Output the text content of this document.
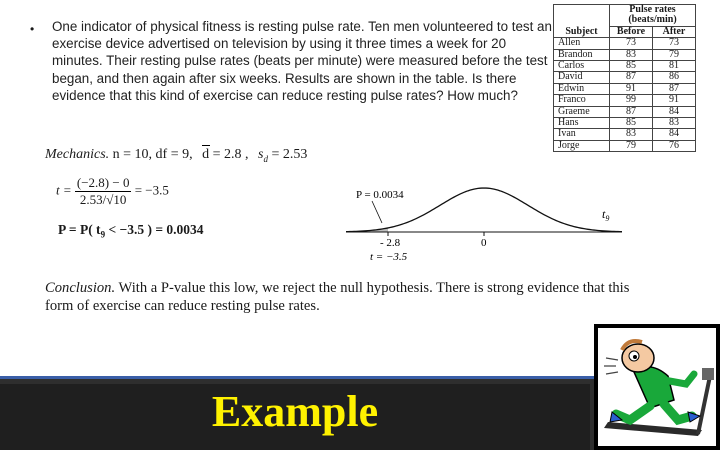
• One indicator of physical fitness is resting pulse rate. Ten men volunteered to test an exercise device advertised on television by using it three times a week for 20 minutes. Their resting pulse rates (beats per minute) were measured before the test began, and then again after six weeks. Results are shown in the table. Is there evidence that this kind of exercise can reduce resting pulse rates? How much?
Subject	Pulse rates (beats/min)	
	Before	After
Allen	73	73
Brandon	83	79
Carlos	85	81
David	87	86
Edwin	91	87
Franco	99	91
Graeme	87	84
Hans	85	83
Ivan	83	84
Jorge	79	76
Mechanics. n = 10, df = 9, d = 2.8 , $s_d = 2.53$
$t = \frac{(-2.8) - 0}{2.53/√10} = -3.5$
P = P( $t_9 < -3.5$ ) = 0.0034
P = 0.0034
$t_9$
- 2.8	0
t = −3.5
Conclusion. With a P-value this low, we reject the null hypothesis. There is strong evidence that this form of exercise can reduce resting pulse rates.
Example
